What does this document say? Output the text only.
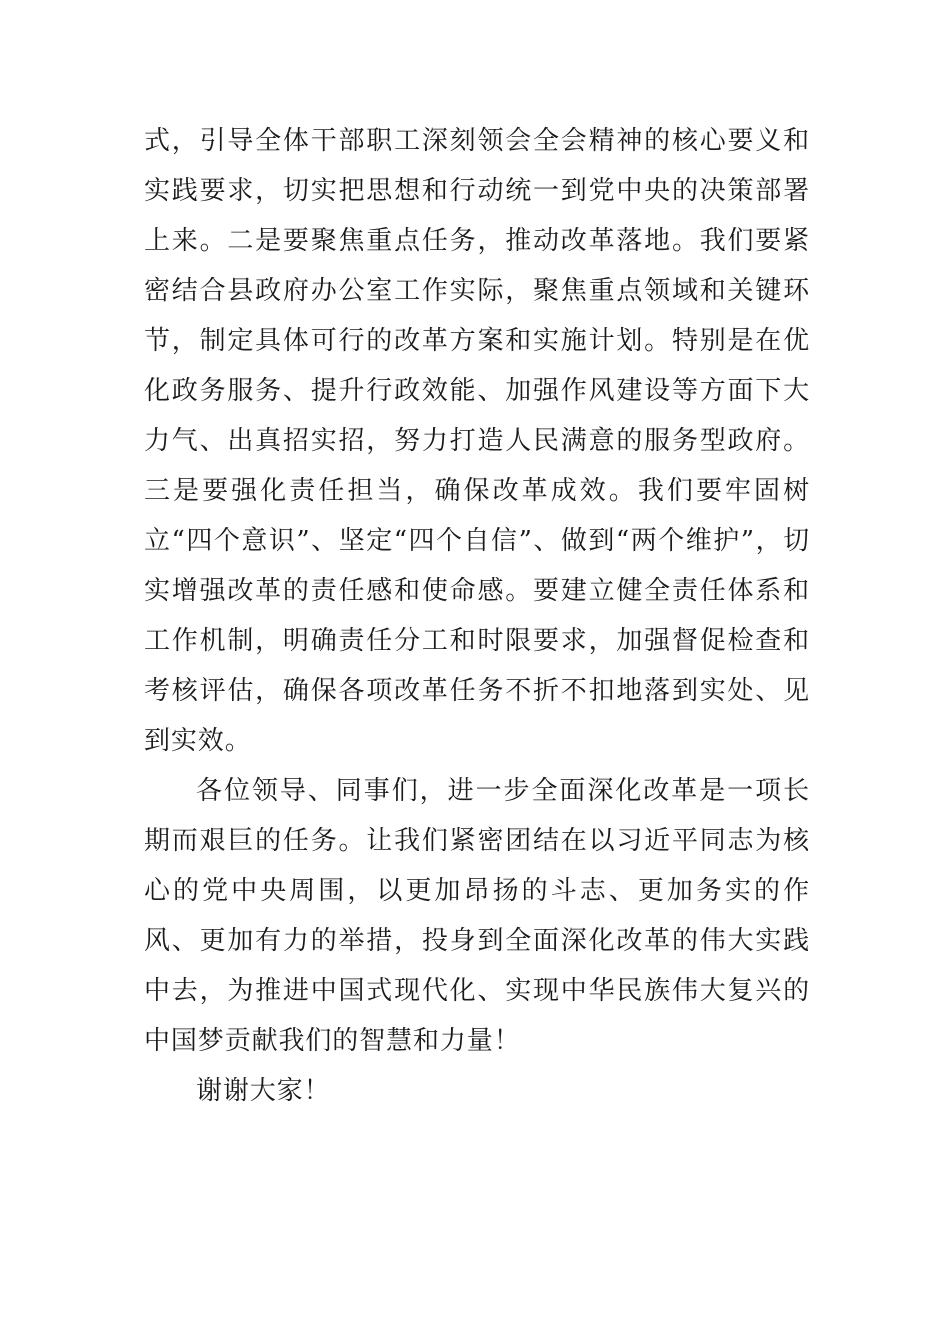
式，引导全体干部职工深刻领会全会精神的核心要义和实践要求，切实把思想和行动统一到党中央的决策部署上来。二是要聚焦重点任务，推动改革落地。我们要紧密结合县政府办公室工作实际，聚焦重点领域和关键环节，制定具体可行的改革方案和实施计划。特别是在优化政务服务、提升行政效能、加强作风建设等方面下大力气、出真招实招，努力打造人民满意的服务型政府。三是要强化责任担当，确保改革成效。我们要牢固树立“四个意识”、坚定“四个自信”、做到“两个维护”，切实增强改革的责任感和使命感。要建立健全责任体系和工作机制，明确责任分工和时限要求，加强督促检查和考核评估，确保各项改革任务不折不扣地落到实处、见到实效。

各位领导、同事们，进一步全面深化改革是一项长期而艰巨的任务。让我们紧密团结在以习近平同志为核心的党中央周围，以更加昂扬的斗志、更加务实的作风、更加有力的举措，投身到全面深化改革的伟大实践中去，为推进中国式现代化、实现中华民族伟大复兴的中国梦贡献我们的智慧和力量！

谢谢大家！
